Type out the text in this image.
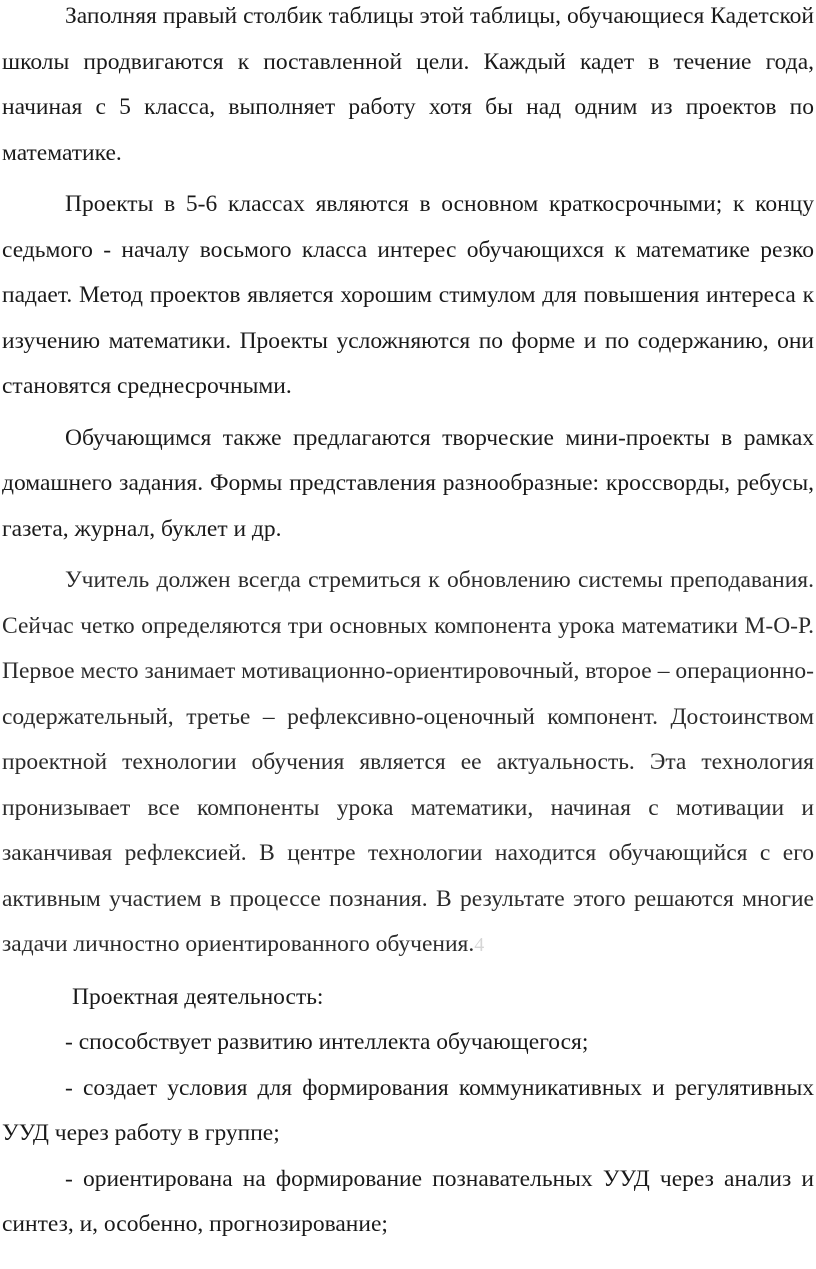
Заполняя правый столбик таблицы этой таблицы, обучающиеся Кадетской школы продвигаются к поставленной цели. Каждый кадет в течение года, начиная с 5 класса, выполняет работу хотя бы над одним из проектов по математике.

Проекты в 5-6 классах являются в основном краткосрочными; к концу седьмого - началу восьмого класса интерес обучающихся к математике резко падает. Метод проектов является хорошим стимулом для повышения интереса к изучению математики. Проекты усложняются по форме и по содержанию, они становятся среднесрочными.

Обучающимся также предлагаются творческие мини-проекты в рамках домашнего задания. Формы представления разнообразные: кроссворды, ребусы, газета, журнал, буклет и др.

Учитель должен всегда стремиться к обновлению системы преподавания. Сейчас четко определяются три основных компонента урока математики М-О-Р. Первое место занимает мотивационно-ориентировочный, второе – операционно-содержательный, третье – рефлексивно-оценочный компонент. Достоинством проектной технологии обучения является ее актуальность. Эта технология пронизывает все компоненты урока математики, начиная с мотивации и заканчивая рефлексией. В центре технологии находится обучающийся с его активным участием в процессе познания. В результате этого решаются многие задачи личностно ориентированного обучения.4

Проектная деятельность:

- способствует развитию интеллекта обучающегося;

- создает условия для формирования коммуникативных и регулятивных УУД через работу в группе;

- ориентирована на формирование познавательных УУД через анализ и синтез, и, особенно, прогнозирование;
